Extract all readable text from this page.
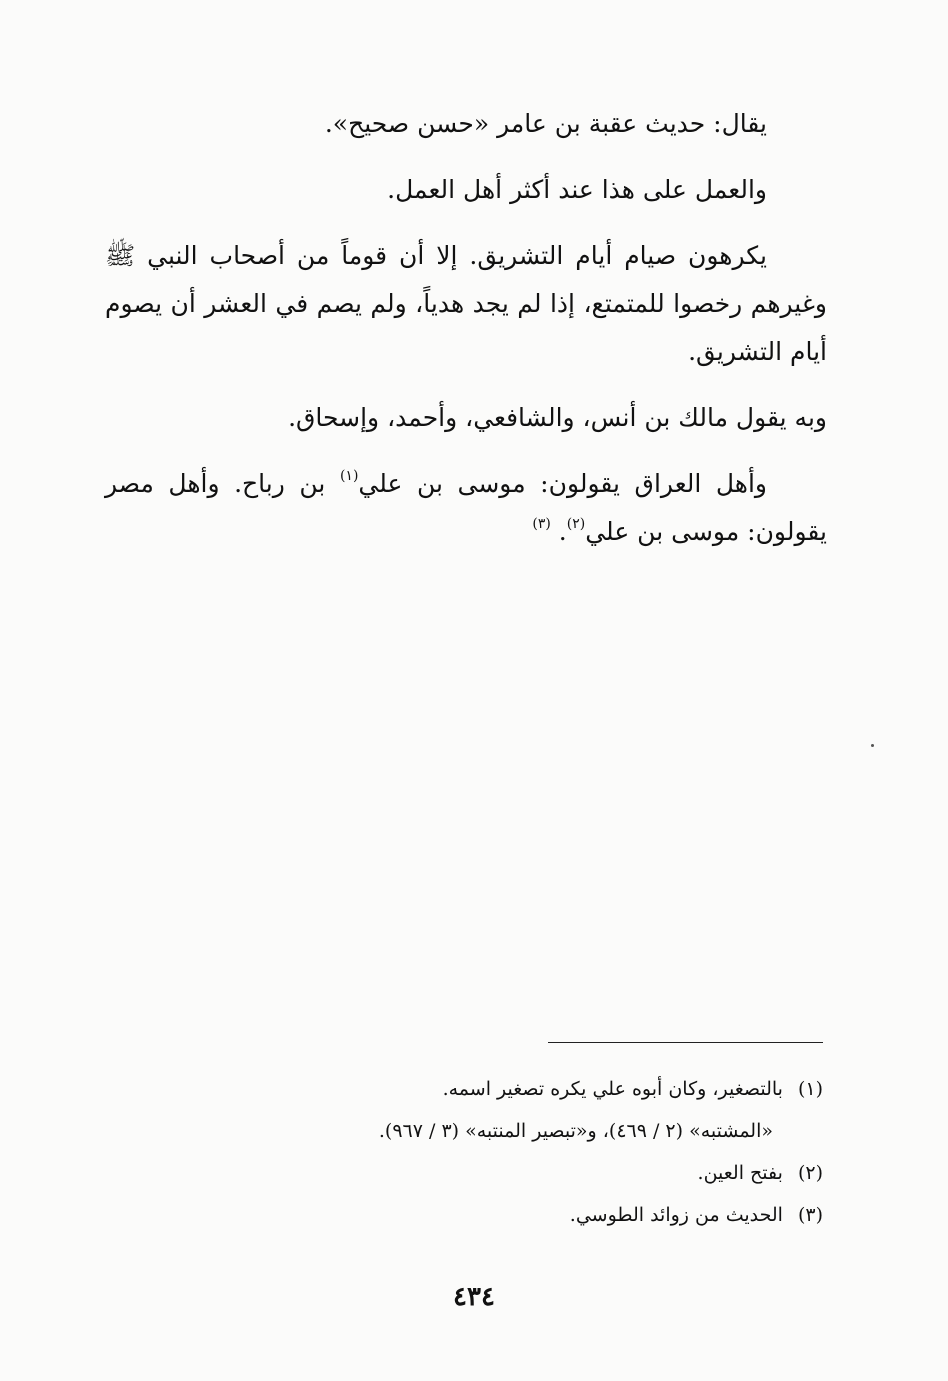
يقال: حديث عقبة بن عامر «حسن صحيح».

والعمل على هذا عند أكثر أهل العمل.

يكرهون صيام أيام التشريق. إلا أن قوماً من أصحاب النبي ﷺ وغيرهم رخصوا للمتمتع، إذا لم يجد هدياً، ولم يصم في العشر أن يصوم أيام التشريق.

وبه يقول مالك بن أنس، والشافعي، وأحمد، وإسحاق.

وأهل العراق يقولون: موسى بن علي$^{(١)}$ بن رباح. وأهل مصر يقولون: موسى بن علي$^{(٢)}$. $^{(٣)}$

(١) بالتصغير، وكان أبوه علي يكره تصغير اسمه.

«المشتبه» (٢ / ٤٦٩)، و«تبصير المنتبه» (٣ / ٩٦٧).

(٢) بفتح العين.

(٣) الحديث من زوائد الطوسي.

٤٣٤
